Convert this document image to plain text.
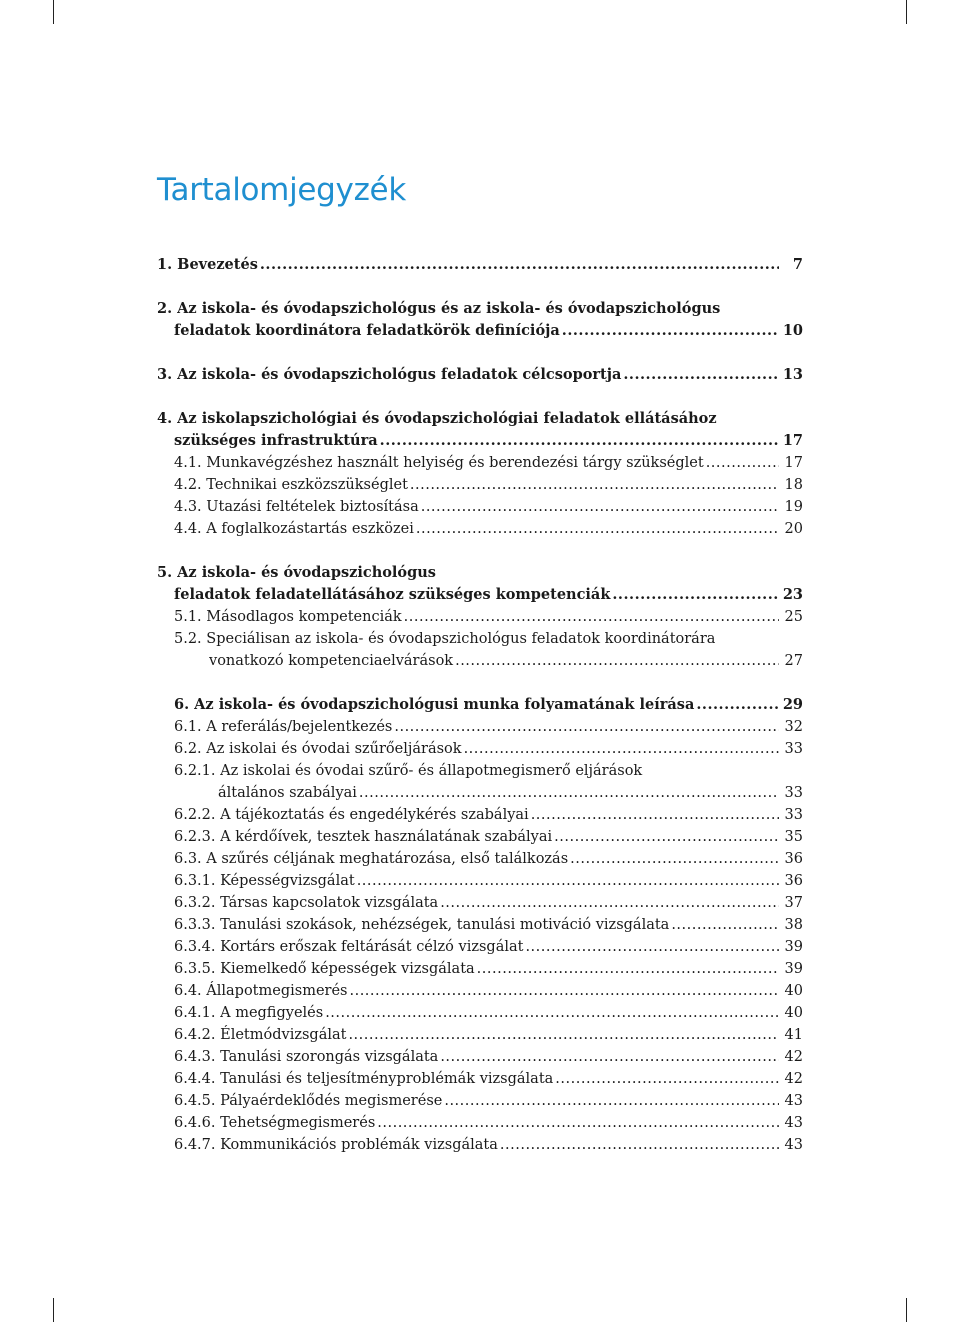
Tartalomjegyzék
1. Bevezetés .....	7
2. Az iskola- és óvodapszichológus és az iskola- és óvodapszichológus
feladatok koordinátora feladatkörök definíciója .....	10
3. Az iskola- és óvodapszichológus feladatok célcsoportja .....	13
4. Az iskolapszichológiai és óvodapszichológiai feladatok ellátásához
szükséges infrastruktúra .....	17
4.1. Munkavégzéshez használt helyiség és berendezési tárgy szükséglet .....	17
4.2. Technikai eszközszükséglet .....	18
4.3. Utazási feltételek biztosítása .....	19
4.4. A foglalkozástartás eszközei .....	20
5. Az iskola- és óvodapszichológus
feladatok feladatellátásához szükséges kompetenciák .....	23
5.1. Másodlagos kompetenciák .....	25
5.2. Speciálisan az iskola- és óvodapszichológus feladatok koordinátorára
vonatkozó kompetenciaelvárások .....	27
6. Az iskola- és óvodapszichológusi munka folyamatának leírása .....	29
6.1. A referálás/bejelentkezés .....	32
6.2. Az iskolai és óvodai szűrőeljárások .....	33
6.2.1. Az iskolai és óvodai szűrő- és állapotmegismerő eljárások
általános szabályai .....	33
6.2.2. A tájékoztatás és engedélykérés szabályai .....	33
6.2.3. A kérdőívek, tesztek használatának szabályai .....	35
6.3. A szűrés céljának meghatározása, első találkozás .....	36
6.3.1. Képességvizsgálat .....	36
6.3.2. Társas kapcsolatok vizsgálata .....	37
6.3.3. Tanulási szokások, nehézségek, tanulási motiváció vizsgálata .....	38
6.3.4. Kortárs erőszak feltárását célzó vizsgálat .....	39
6.3.5. Kiemelkedő képességek vizsgálata .....	39
6.4. Állapotmegismerés .....	40
6.4.1. A megfigyelés .....	40
6.4.2. Életmódvizsgálat .....	41
6.4.3. Tanulási szorongás vizsgálata .....	42
6.4.4. Tanulási és teljesítményproblémák vizsgálata .....	42
6.4.5. Pályaérdeklődés megismerése .....	43
6.4.6. Tehetségmegismerés .....	43
6.4.7. Kommunikációs problémák vizsgálata .....	43
